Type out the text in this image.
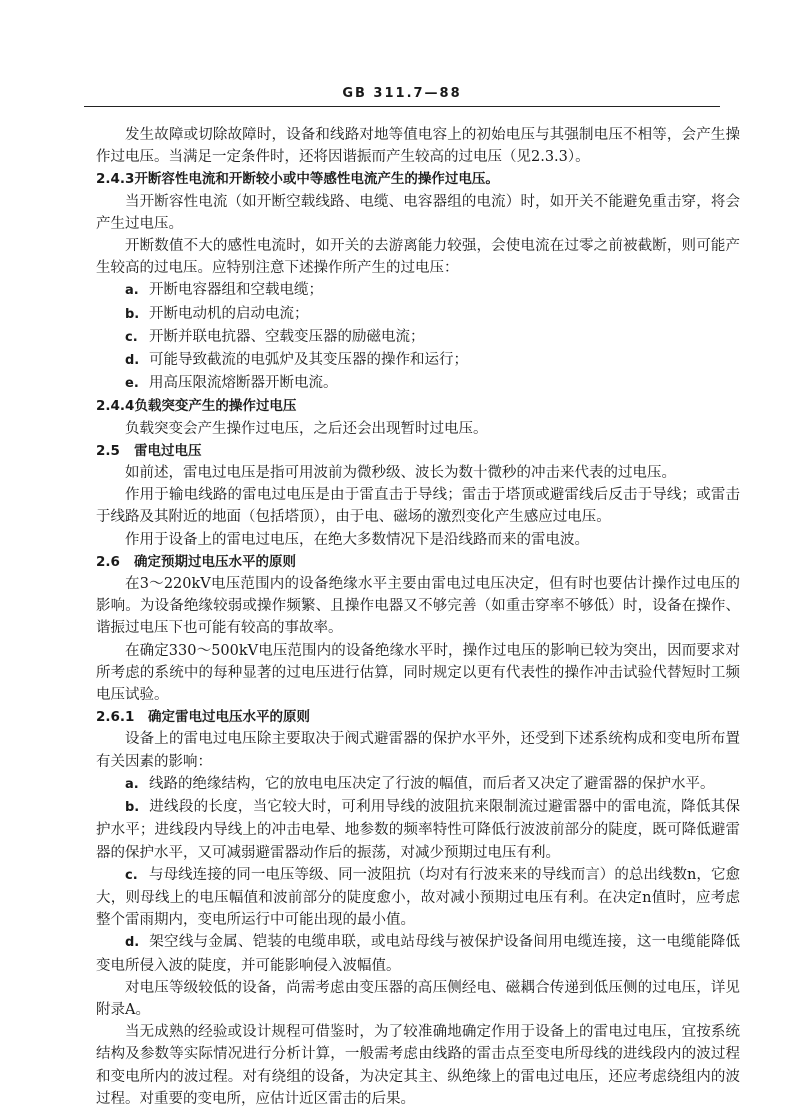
GB 311.7—88

发生故障或切除故障时，设备和线路对地等值电容上的初始电压与其强制电压不相等，会产生操作过电压。当满足一定条件时，还将因谐振而产生较高的过电压（见2.3.3）。

2.4.3开断容性电流和开断较小或中等感性电流产生的操作过电压。

当开断容性电流（如开断空载线路、电缆、电容器组的电流）时，如开关不能避免重击穿，将会产生过电压。

开断数值不大的感性电流时，如开关的去游离能力较强，会使电流在过零之前被截断，则可能产生较高的过电压。应特别注意下述操作所产生的过电压：

a. 开断电容器组和空载电缆；

b. 开断电动机的启动电流；

c. 开断并联电抗器、空载变压器的励磁电流；

d. 可能导致截流的电弧炉及其变压器的操作和运行；

e. 用高压限流熔断器开断电流。

2.4.4负载突变产生的操作过电压

负载突变会产生操作过电压，之后还会出现暂时过电压。

2.5 雷电过电压

如前述，雷电过电压是指可用波前为微秒级、波长为数十微秒的冲击来代表的过电压。

作用于输电线路的雷电过电压是由于雷直击于导线；雷击于塔顶或避雷线后反击于导线；或雷击于线路及其附近的地面（包括塔顶），由于电、磁场的激烈变化产生感应过电压。

作用于设备上的雷电过电压，在绝大多数情况下是沿线路而来的雷电波。

2.6 确定预期过电压水平的原则

在3～220kV电压范围内的设备绝缘水平主要由雷电过电压决定，但有时也要估计操作过电压的影响。为设备绝缘较弱或操作频繁、且操作电器又不够完善（如重击穿率不够低）时，设备在操作、谐振过电压下也可能有较高的事故率。

在确定330～500kV电压范围内的设备绝缘水平时，操作过电压的影响已较为突出，因而要求对所考虑的系统中的每种显著的过电压进行估算，同时规定以更有代表性的操作冲击试验代替短时工频电压试验。

2.6.1 确定雷电过电压水平的原则

设备上的雷电过电压除主要取决于阀式避雷器的保护水平外，还受到下述系统构成和变电所布置有关因素的影响：

a. 线路的绝缘结构，它的放电电压决定了行波的幅值，而后者又决定了避雷器的保护水平。

b. 进线段的长度，当它较大时，可利用导线的波阻抗来限制流过避雷器中的雷电流，降低其保护水平；进线段内导线上的冲击电晕、地参数的频率特性可降低行波波前部分的陡度，既可降低避雷器的保护水平，又可减弱避雷器动作后的振荡，对减少预期过电压有利。

c. 与母线连接的同一电压等级、同一波阻抗（均对有行波来来的导线而言）的总出线数n，它愈大，则母线上的电压幅值和波前部分的陡度愈小，故对减小预期过电压有利。在决定n值时，应考虑整个雷雨期内，变电所运行中可能出现的最小值。

d. 架空线与金属、铠装的电缆串联，或电站母线与被保护设备间用电缆连接，这一电缆能降低变电所侵入波的陡度，并可能影响侵入波幅值。

对电压等级较低的设备，尚需考虑由变压器的高压侧经电、磁耦合传递到低压侧的过电压，详见附录A。

当无成熟的经验或设计规程可借鉴时，为了较准确地确定作用于设备上的雷电过电压，宜按系统结构及参数等实际情况进行分析计算，一般需考虑由线路的雷击点至变电所母线的进线段内的波过程和变电所内的波过程。对有绕组的设备，为决定其主、纵绝缘上的雷电过电压，还应考虑绕组内的波过程。对重要的变电所，应估计近区雷击的后果。
